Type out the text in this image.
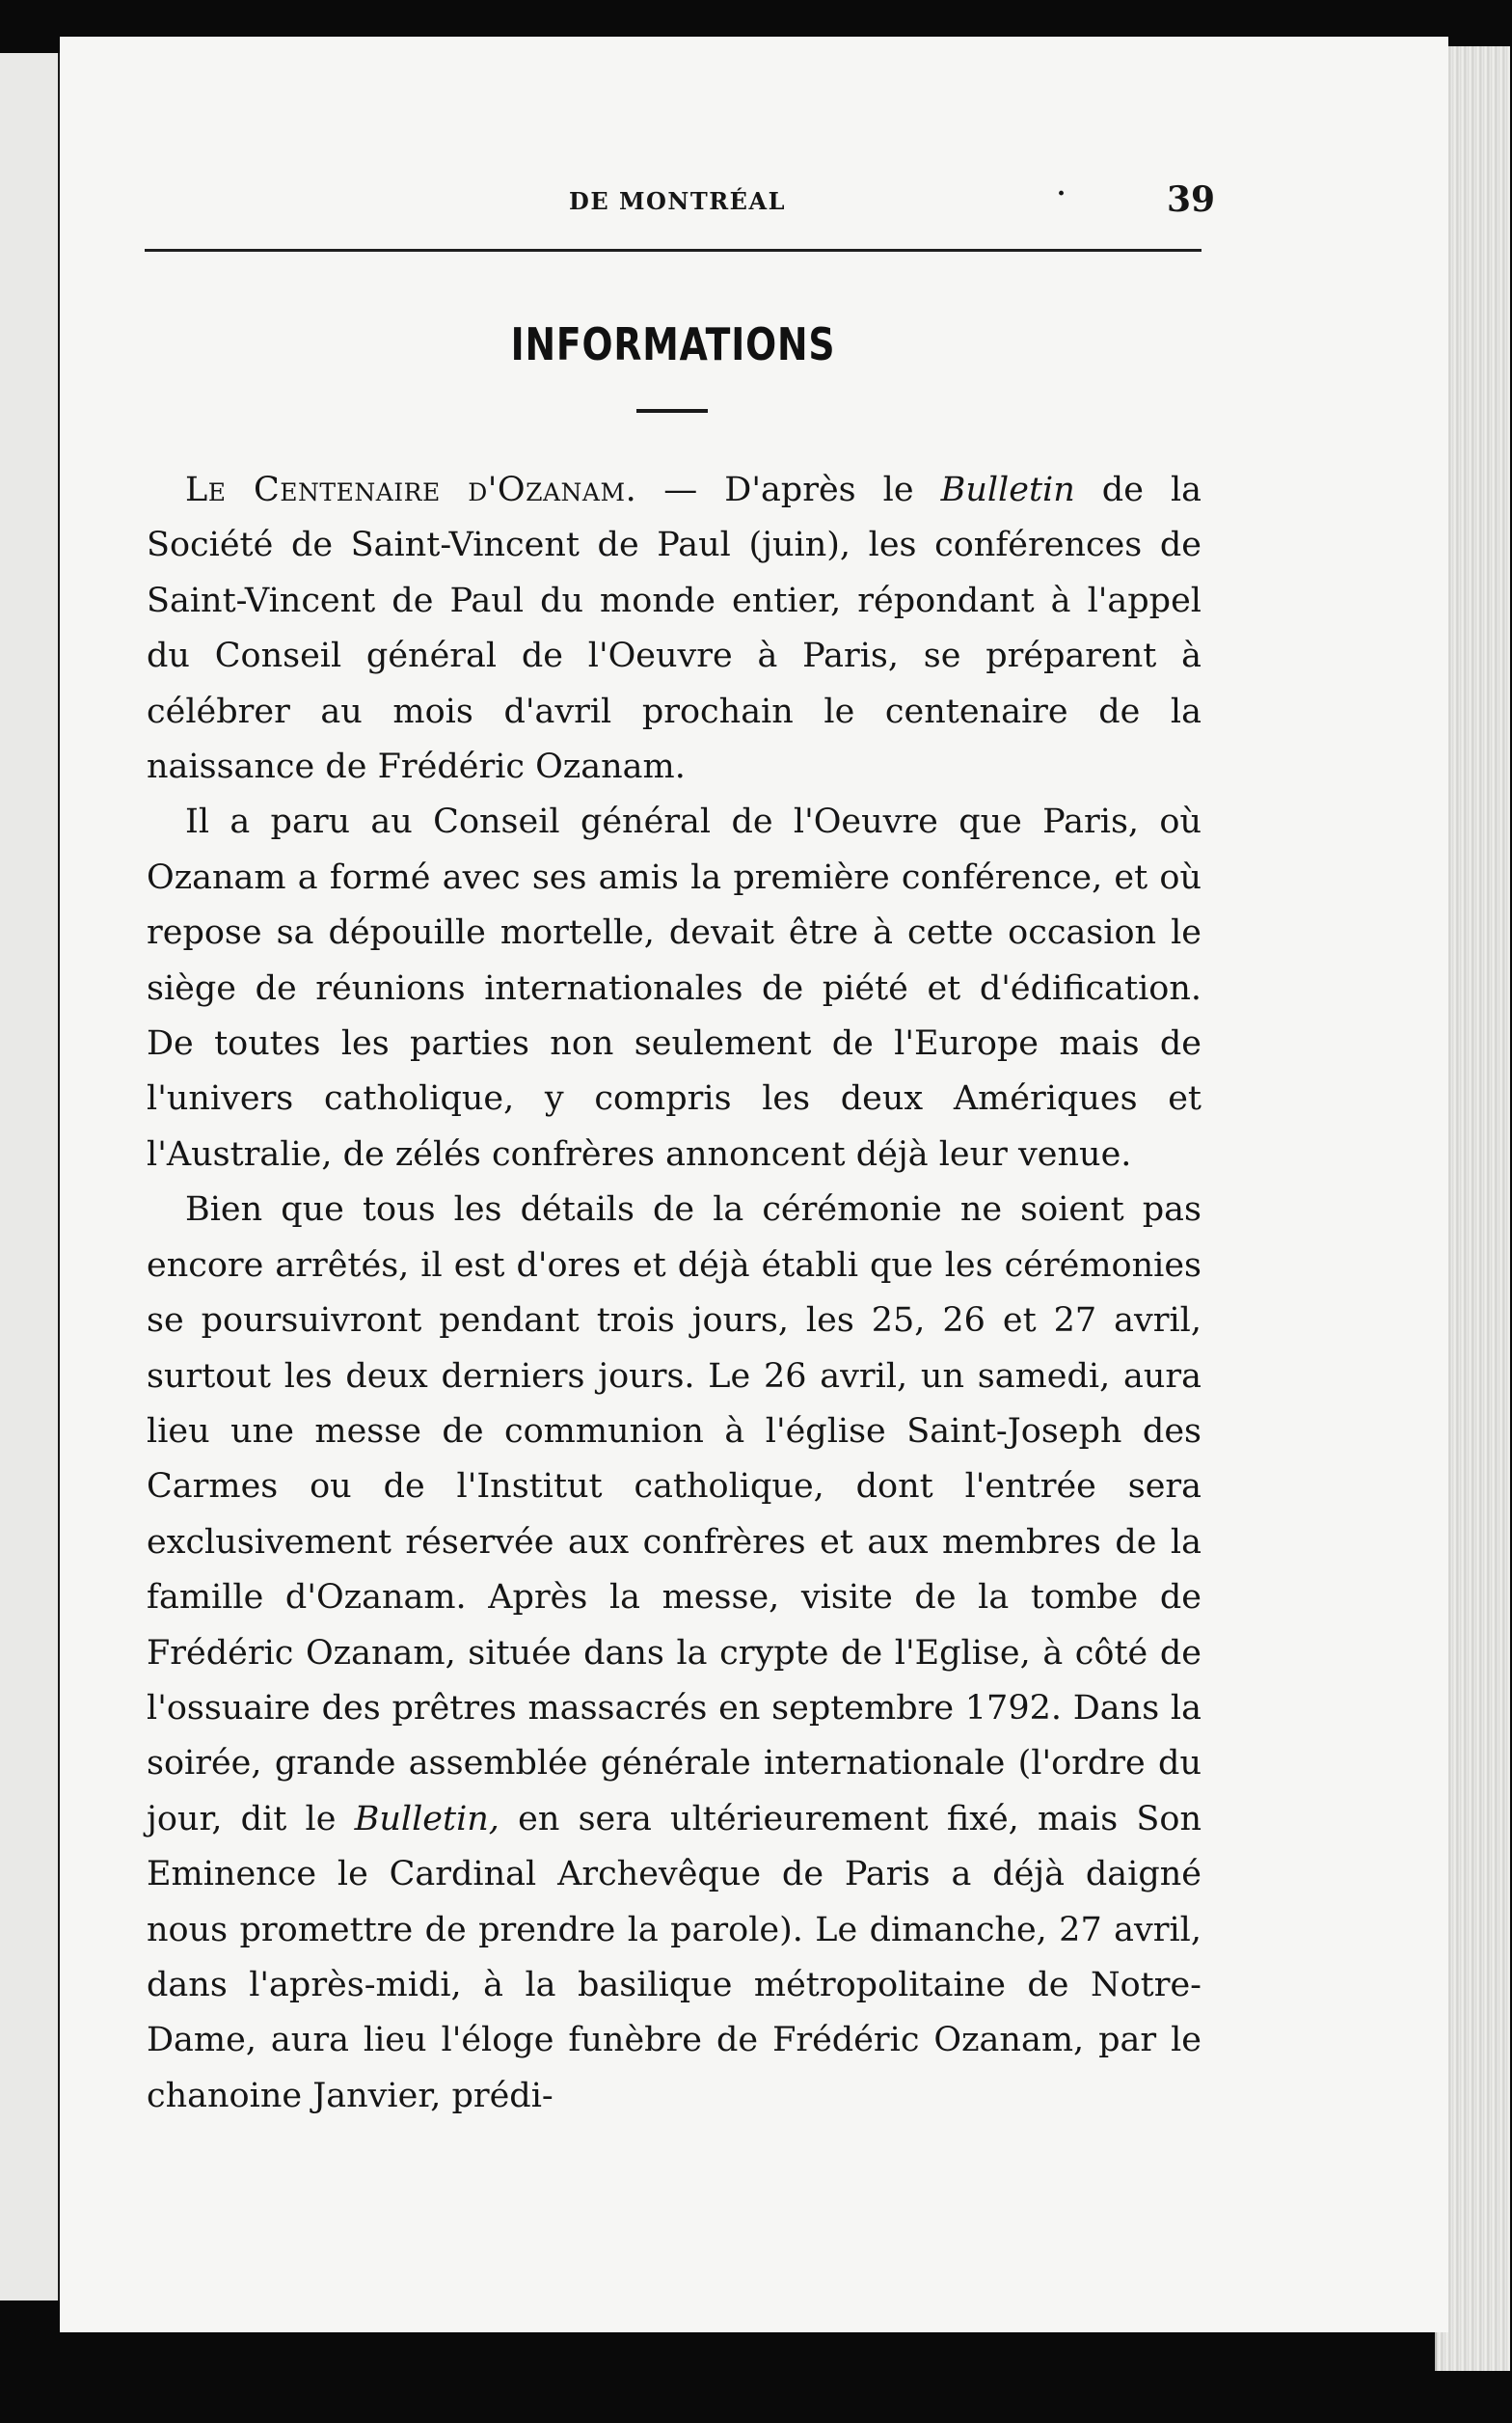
DE MONTRÉAL	·	39
INFORMATIONS

Le Centenaire d'Ozanam. — D'après le Bulletin de la Société de Saint-Vincent de Paul (juin), les conférences de Saint-Vincent de Paul du monde entier, répondant à l'appel du Conseil général de l'Oeuvre à Paris, se préparent à célébrer au mois d'avril prochain le centenaire de la naissance de Frédéric Ozanam.

Il a paru au Conseil général de l'Oeuvre que Paris, où Ozanam a formé avec ses amis la première conférence, et où repose sa dépouille mortelle, devait être à cette occasion le siège de réunions internationales de piété et d'édification. De toutes les parties non seulement de l'Europe mais de l'univers catholique, y compris les deux Amériques et l'Australie, de zélés confrères annoncent déjà leur venue.

Bien que tous les détails de la cérémonie ne soient pas encore arrêtés, il est d'ores et déjà établi que les cérémonies se poursuivront pendant trois jours, les 25, 26 et 27 avril, surtout les deux derniers jours. Le 26 avril, un samedi, aura lieu une messe de communion à l'église Saint-Joseph des Carmes ou de l'Institut catholique, dont l'entrée sera exclusivement réservée aux confrères et aux membres de la famille d'Ozanam. Après la messe, visite de la tombe de Frédéric Ozanam, située dans la crypte de l'Eglise, à côté de l'ossuaire des prêtres massacrés en septembre 1792. Dans la soirée, grande assemblée générale internationale (l'ordre du jour, dit le Bulletin, en sera ultérieurement fixé, mais Son Eminence le Cardinal Archevêque de Paris a déjà daigné nous promettre de prendre la parole). Le dimanche, 27 avril, dans l'après-midi, à la basilique métropolitaine de Notre-Dame, aura lieu l'éloge funèbre de Frédéric Ozanam, par le chanoine Janvier, prédi-
